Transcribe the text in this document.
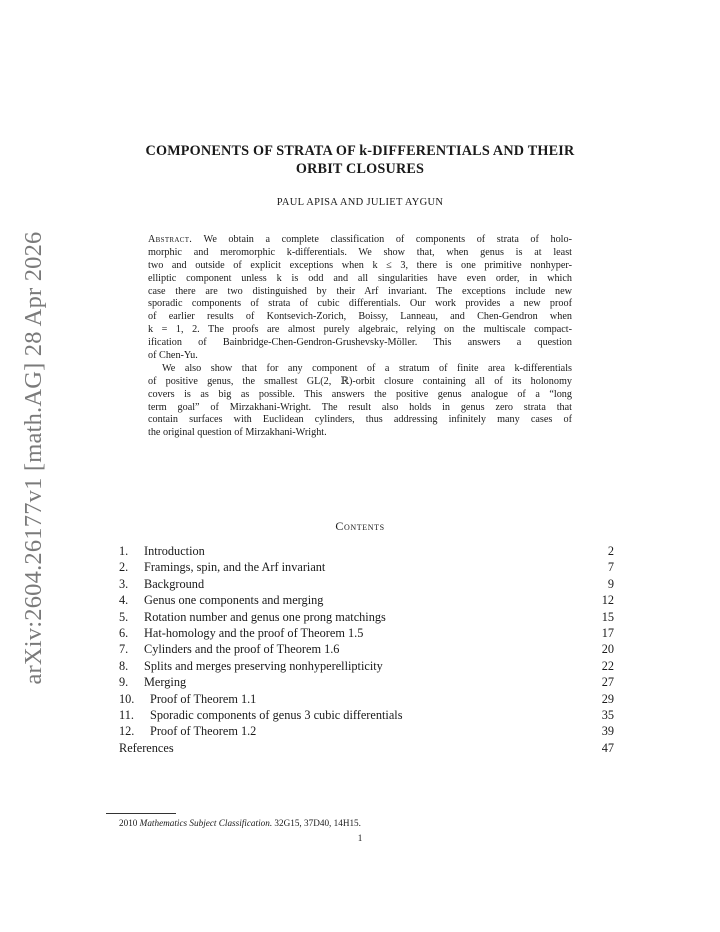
arXiv:2604.26177v1 [math.AG] 28 Apr 2026
COMPONENTS OF STRATA OF k-DIFFERENTIALS AND THEIR
ORBIT CLOSURES
PAUL APISA AND JULIET AYGUN
Abstract. We obtain a complete classification of components of strata of holo-
morphic and meromorphic k-differentials. We show that, when genus is at least
two and outside of explicit exceptions when k ≤ 3, there is one primitive nonhyper-
elliptic component unless k is odd and all singularities have even order, in which
case there are two distinguished by their Arf invariant. The exceptions include new
sporadic components of strata of cubic differentials. Our work provides a new proof
of earlier results of Kontsevich-Zorich, Boissy, Lanneau, and Chen-Gendron when
k = 1, 2. The proofs are almost purely algebraic, relying on the multiscale compact-
ification of Bainbridge-Chen-Gendron-Grushevsky-Möller. This answers a question
of Chen-Yu.
We also show that for any component of a stratum of finite area k-differentials
of positive genus, the smallest GL(2, ℝ)-orbit closure containing all of its holonomy
covers is as big as possible. This answers the positive genus analogue of a “long
term goal” of Mirzakhani-Wright. The result also holds in genus zero strata that
contain surfaces with Euclidean cylinders, thus addressing infinitely many cases of
the original question of Mirzakhani-Wright.
Contents
1. Introduction	2
2. Framings, spin, and the Arf invariant	7
3. Background	9
4. Genus one components and merging	12
5. Rotation number and genus one prong matchings	15
6. Hat-homology and the proof of Theorem 1.5	17
7. Cylinders and the proof of Theorem 1.6	20
8. Splits and merges preserving nonhyperellipticity	22
9. Merging	27
10. Proof of Theorem 1.1	29
11. Sporadic components of genus 3 cubic differentials	35
12. Proof of Theorem 1.2	39
References	47
2010 Mathematics Subject Classification. 32G15, 37D40, 14H15.
1
